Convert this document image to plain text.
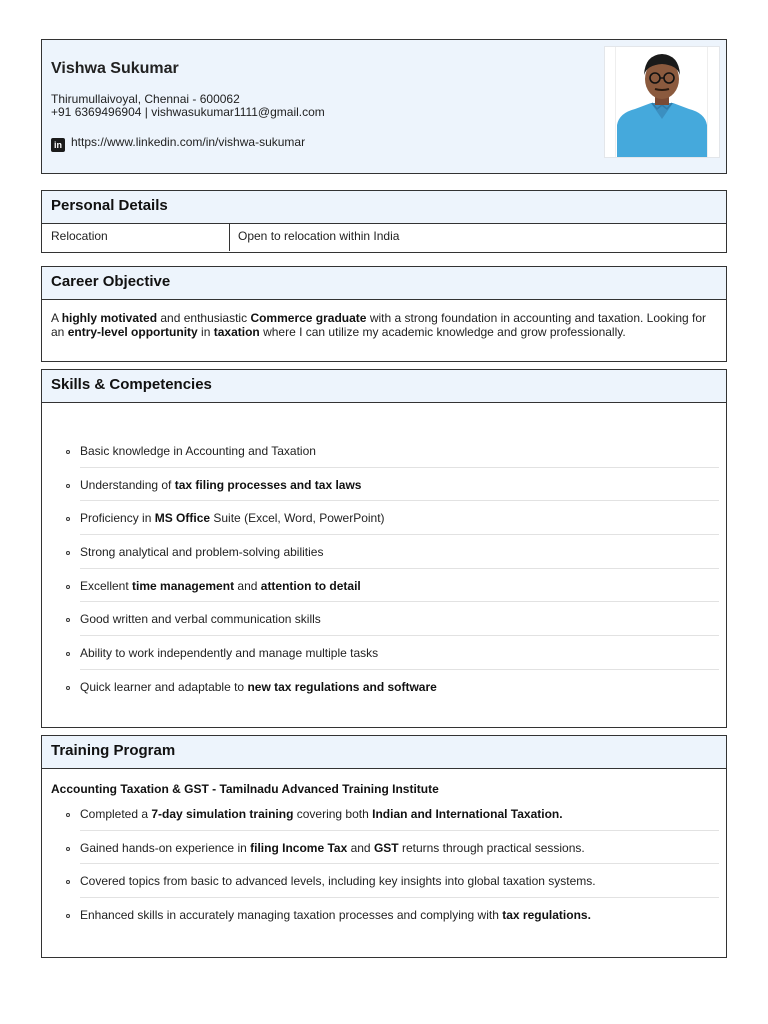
Vishwa Sukumar
Thirumullaivoyal, Chennai - 600062
+91 6369496904 | vishwasukumar1111@gmail.com
in https://www.linkedin.com/in/vishwa-sukumar
Personal Details
Relocation	Open to relocation within India
Career Objective
A highly motivated and enthusiastic Commerce graduate with a strong foundation in accounting and taxation. Looking for an entry-level opportunity in taxation where I can utilize my academic knowledge and grow professionally.
Skills & Competencies
Basic knowledge in Accounting and Taxation
Understanding of tax filing processes and tax laws
Proficiency in MS Office Suite (Excel, Word, PowerPoint)
Strong analytical and problem-solving abilities
Excellent time management and attention to detail
Good written and verbal communication skills
Ability to work independently and manage multiple tasks
Quick learner and adaptable to new tax regulations and software
Training Program
Accounting Taxation & GST - Tamilnadu Advanced Training Institute
Completed a 7-day simulation training covering both Indian and International Taxation.
Gained hands-on experience in filing Income Tax and GST returns through practical sessions.
Covered topics from basic to advanced levels, including key insights into global taxation systems.
Enhanced skills in accurately managing taxation processes and complying with tax regulations.
